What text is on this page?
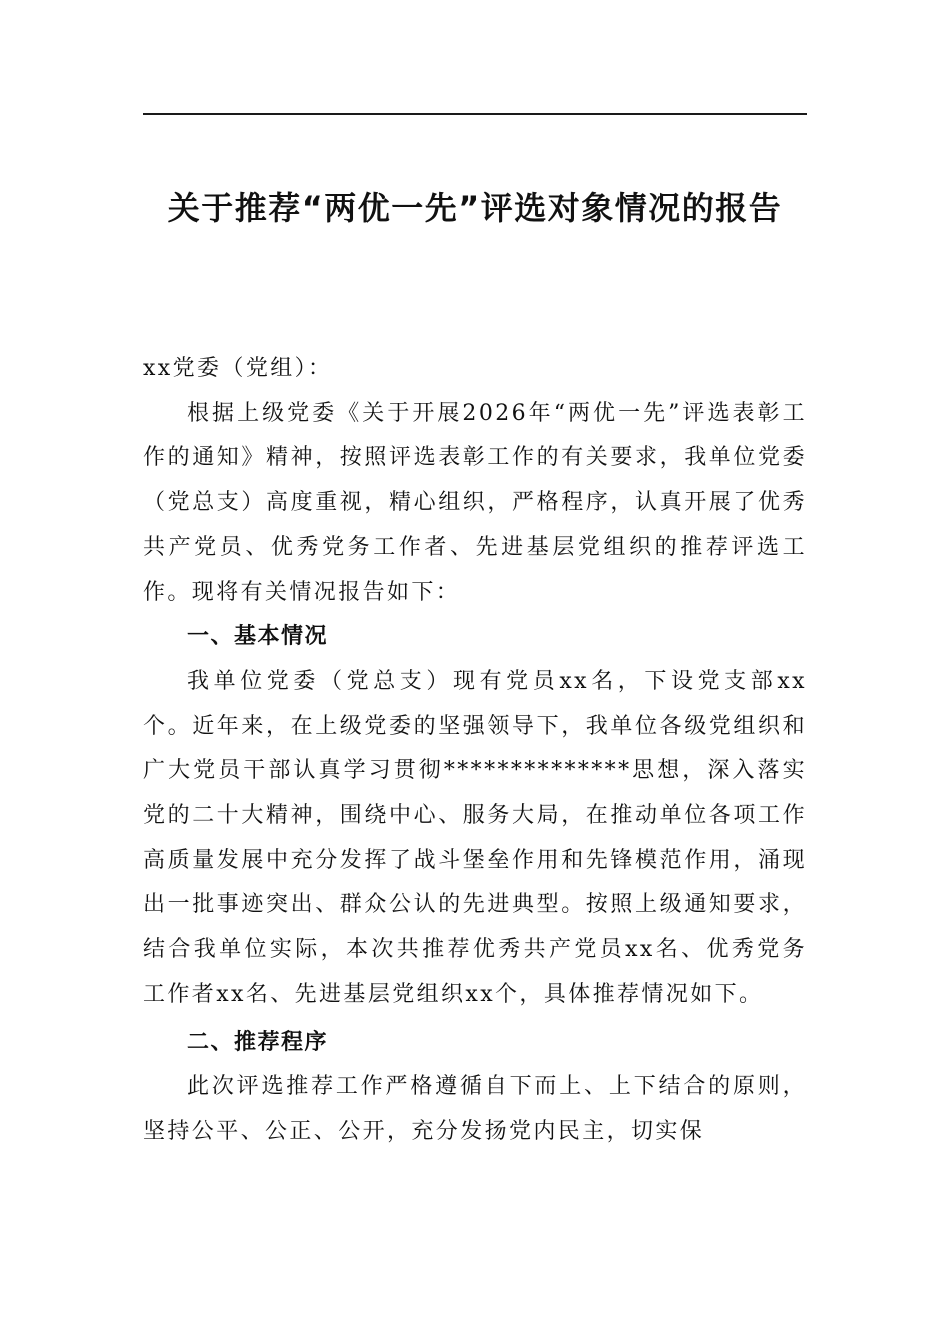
关于推荐“两优一先”评选对象情况的报告

xx党委（党组）：

根据上级党委《关于开展2026年“两优一先”评选表彰工作的通知》精神，按照评选表彰工作的有关要求，我单位党委（党总支）高度重视，精心组织，严格程序，认真开展了优秀共产党员、优秀党务工作者、先进基层党组织的推荐评选工作。现将有关情况报告如下：

一、基本情况

我单位党委（党总支）现有党员xx名，下设党支部xx个。近年来，在上级党委的坚强领导下，我单位各级党组织和广大党员干部认真学习贯彻**************思想，深入落实党的二十大精神，围绕中心、服务大局，在推动单位各项工作高质量发展中充分发挥了战斗堡垒作用和先锋模范作用，涌现出一批事迹突出、群众公认的先进典型。按照上级通知要求，结合我单位实际，本次共推荐优秀共产党员xx名、优秀党务工作者xx名、先进基层党组织xx个，具体推荐情况如下。

二、推荐程序

此次评选推荐工作严格遵循自下而上、上下结合的原则，坚持公平、公正、公开，充分发扬党内民主，切实保
